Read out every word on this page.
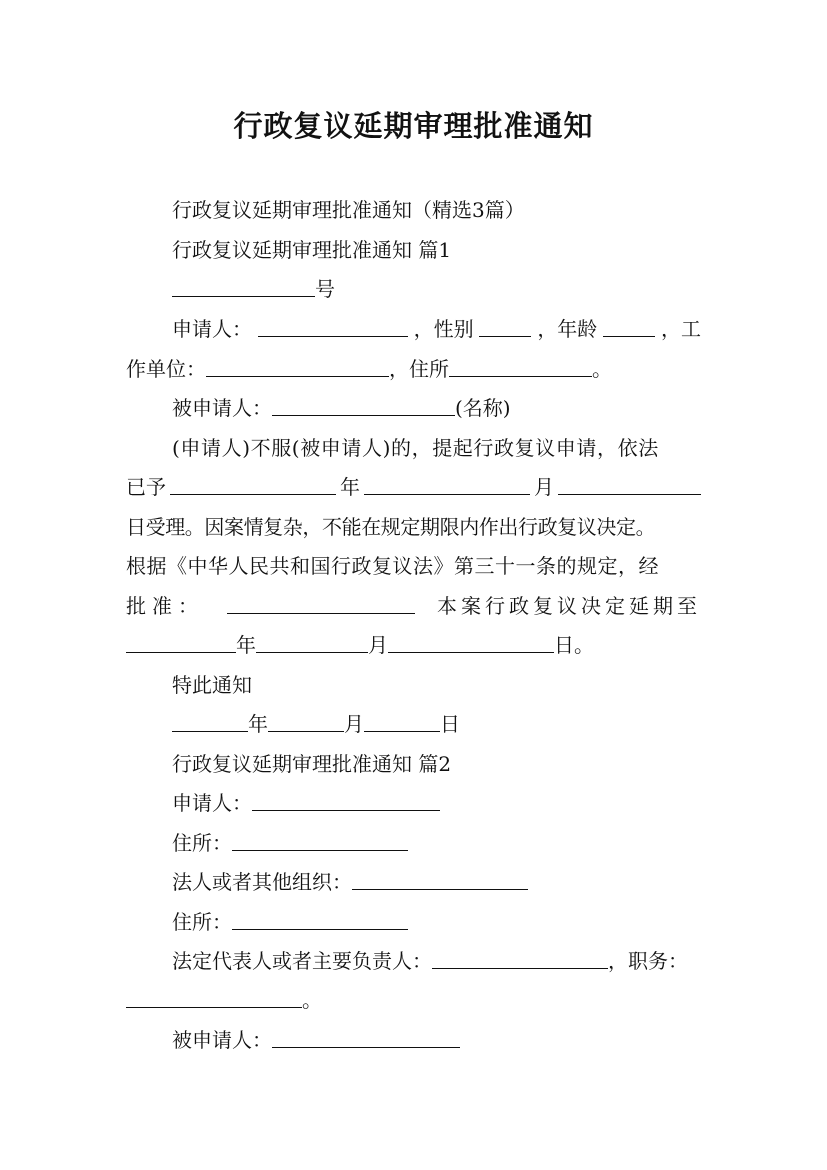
行政复议延期审理批准通知
行政复议延期审理批准通知（精选3篇）
行政复议延期审理批准通知 篇1
号
申请人：	，性别	，年龄	，工
作单位：	，住所	。
被申请人：	(名称)
(申请人)不服(被申请人)的，提起行政复议申请，依法
已予	年	月
日受理。因案情复杂，不能在规定期限内作出行政复议决定。
根据《中华人民共和国行政复议法》第三十一条的规定，经
批准：	本案行政复议决定延期至
年	月	日。
特此通知
年	月	日
行政复议延期审理批准通知 篇2
申请人：
住所：
法人或者其他组织：
住所：
法定代表人或者主要负责人：	，职务：
。
被申请人：
